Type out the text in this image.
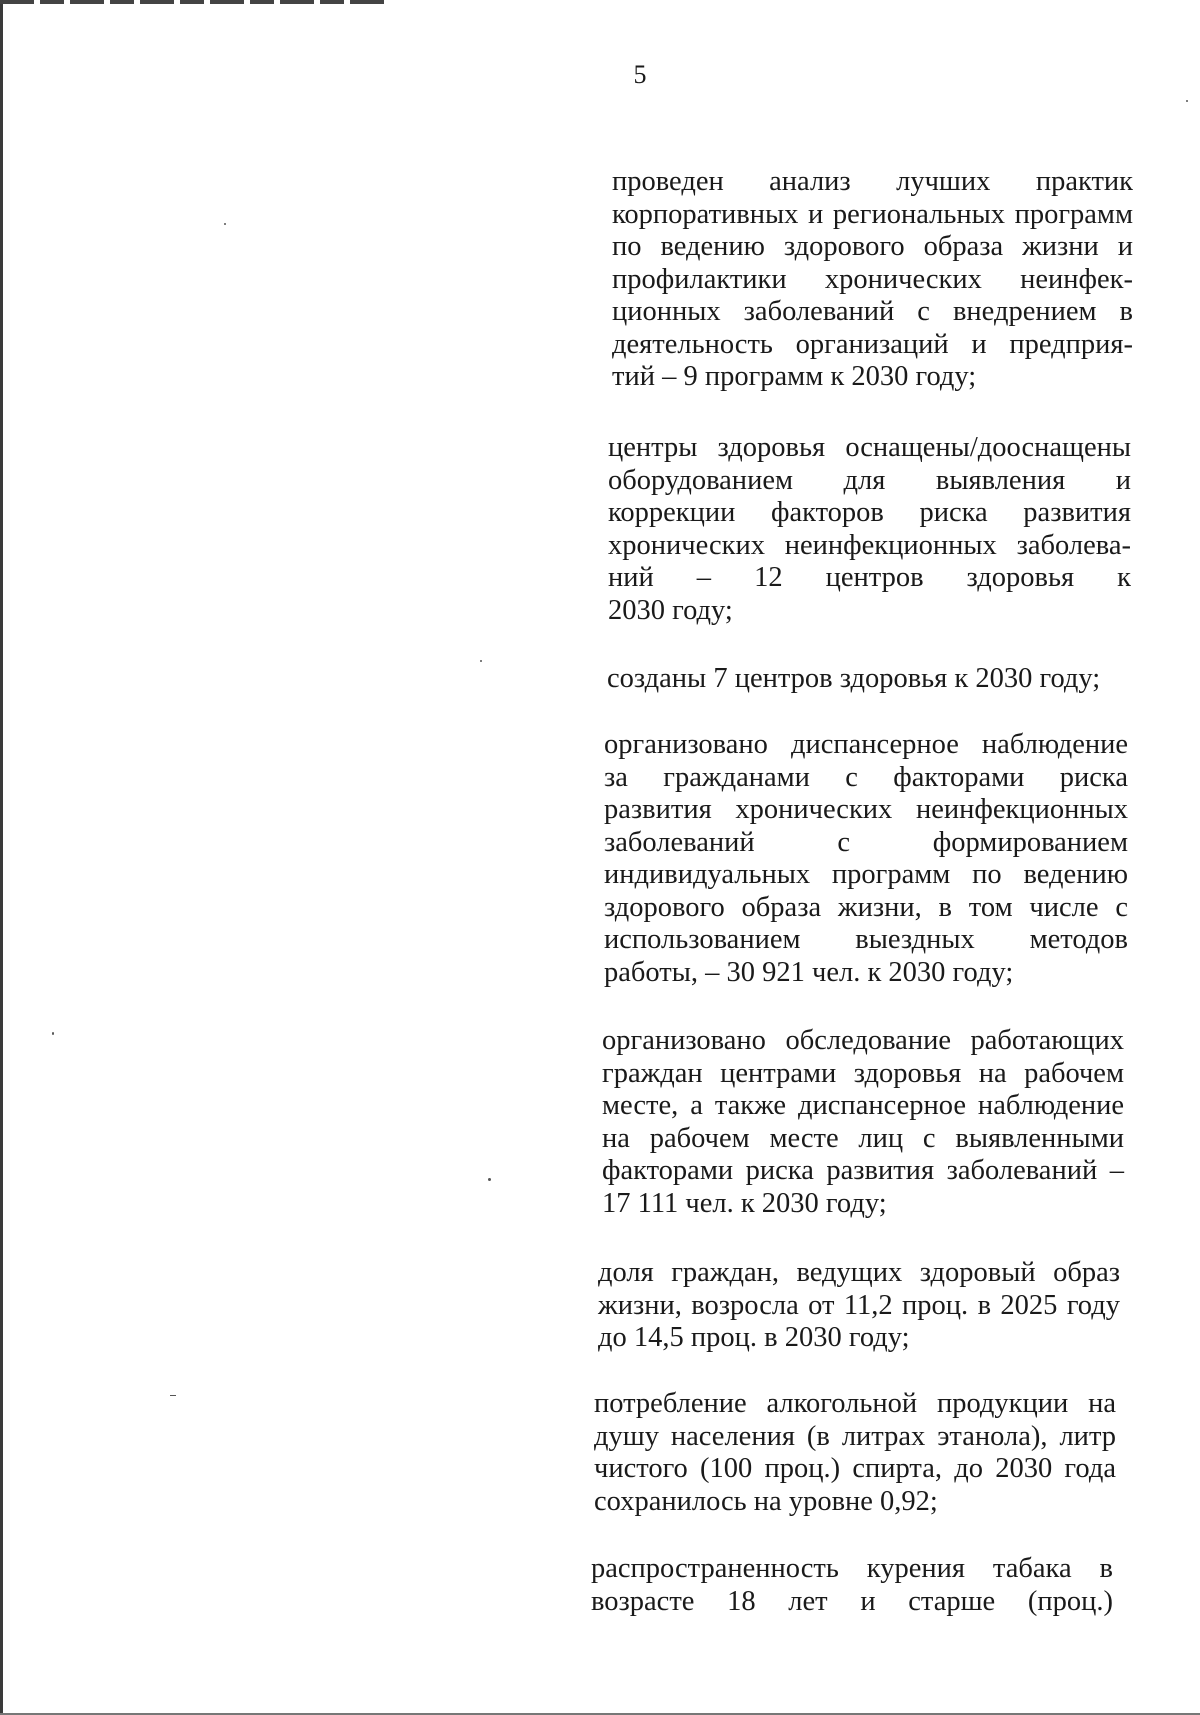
5
проведен анализ лучших практик
корпоративных и региональных программ
по ведению здорового образа жизни и
профилактики хронических неинфек-
ционных заболеваний с внедрением в
деятельность организаций и предприя-
тий – 9 программ к 2030 году;
центры здоровья оснащены/дооснащены
оборудованием для выявления и
коррекции факторов риска развития
хронических неинфекционных заболева-
ний – 12 центров здоровья к
2030 году;
созданы 7 центров здоровья к 2030 году;
организовано диспансерное наблюдение
за гражданами с факторами риска
развития хронических неинфекционных
заболеваний с формированием
индивидуальных программ по ведению
здорового образа жизни, в том числе с
использованием выездных методов
работы, – 30 921 чел. к 2030 году;
организовано обследование работающих
граждан центрами здоровья на рабочем
месте, а также диспансерное наблюдение
на рабочем месте лиц с выявленными
факторами риска развития заболеваний –
17 111 чел. к 2030 году;
доля граждан, ведущих здоровый образ
жизни, возросла от 11,2 проц. в 2025 году
до 14,5 проц. в 2030 году;
потребление алкогольной продукции на
душу населения (в литрах этанола), литр
чистого (100 проц.) спирта, до 2030 года
сохранилось на уровне 0,92;
распространенность курения табака в
возрасте 18 лет и старше (проц.)
